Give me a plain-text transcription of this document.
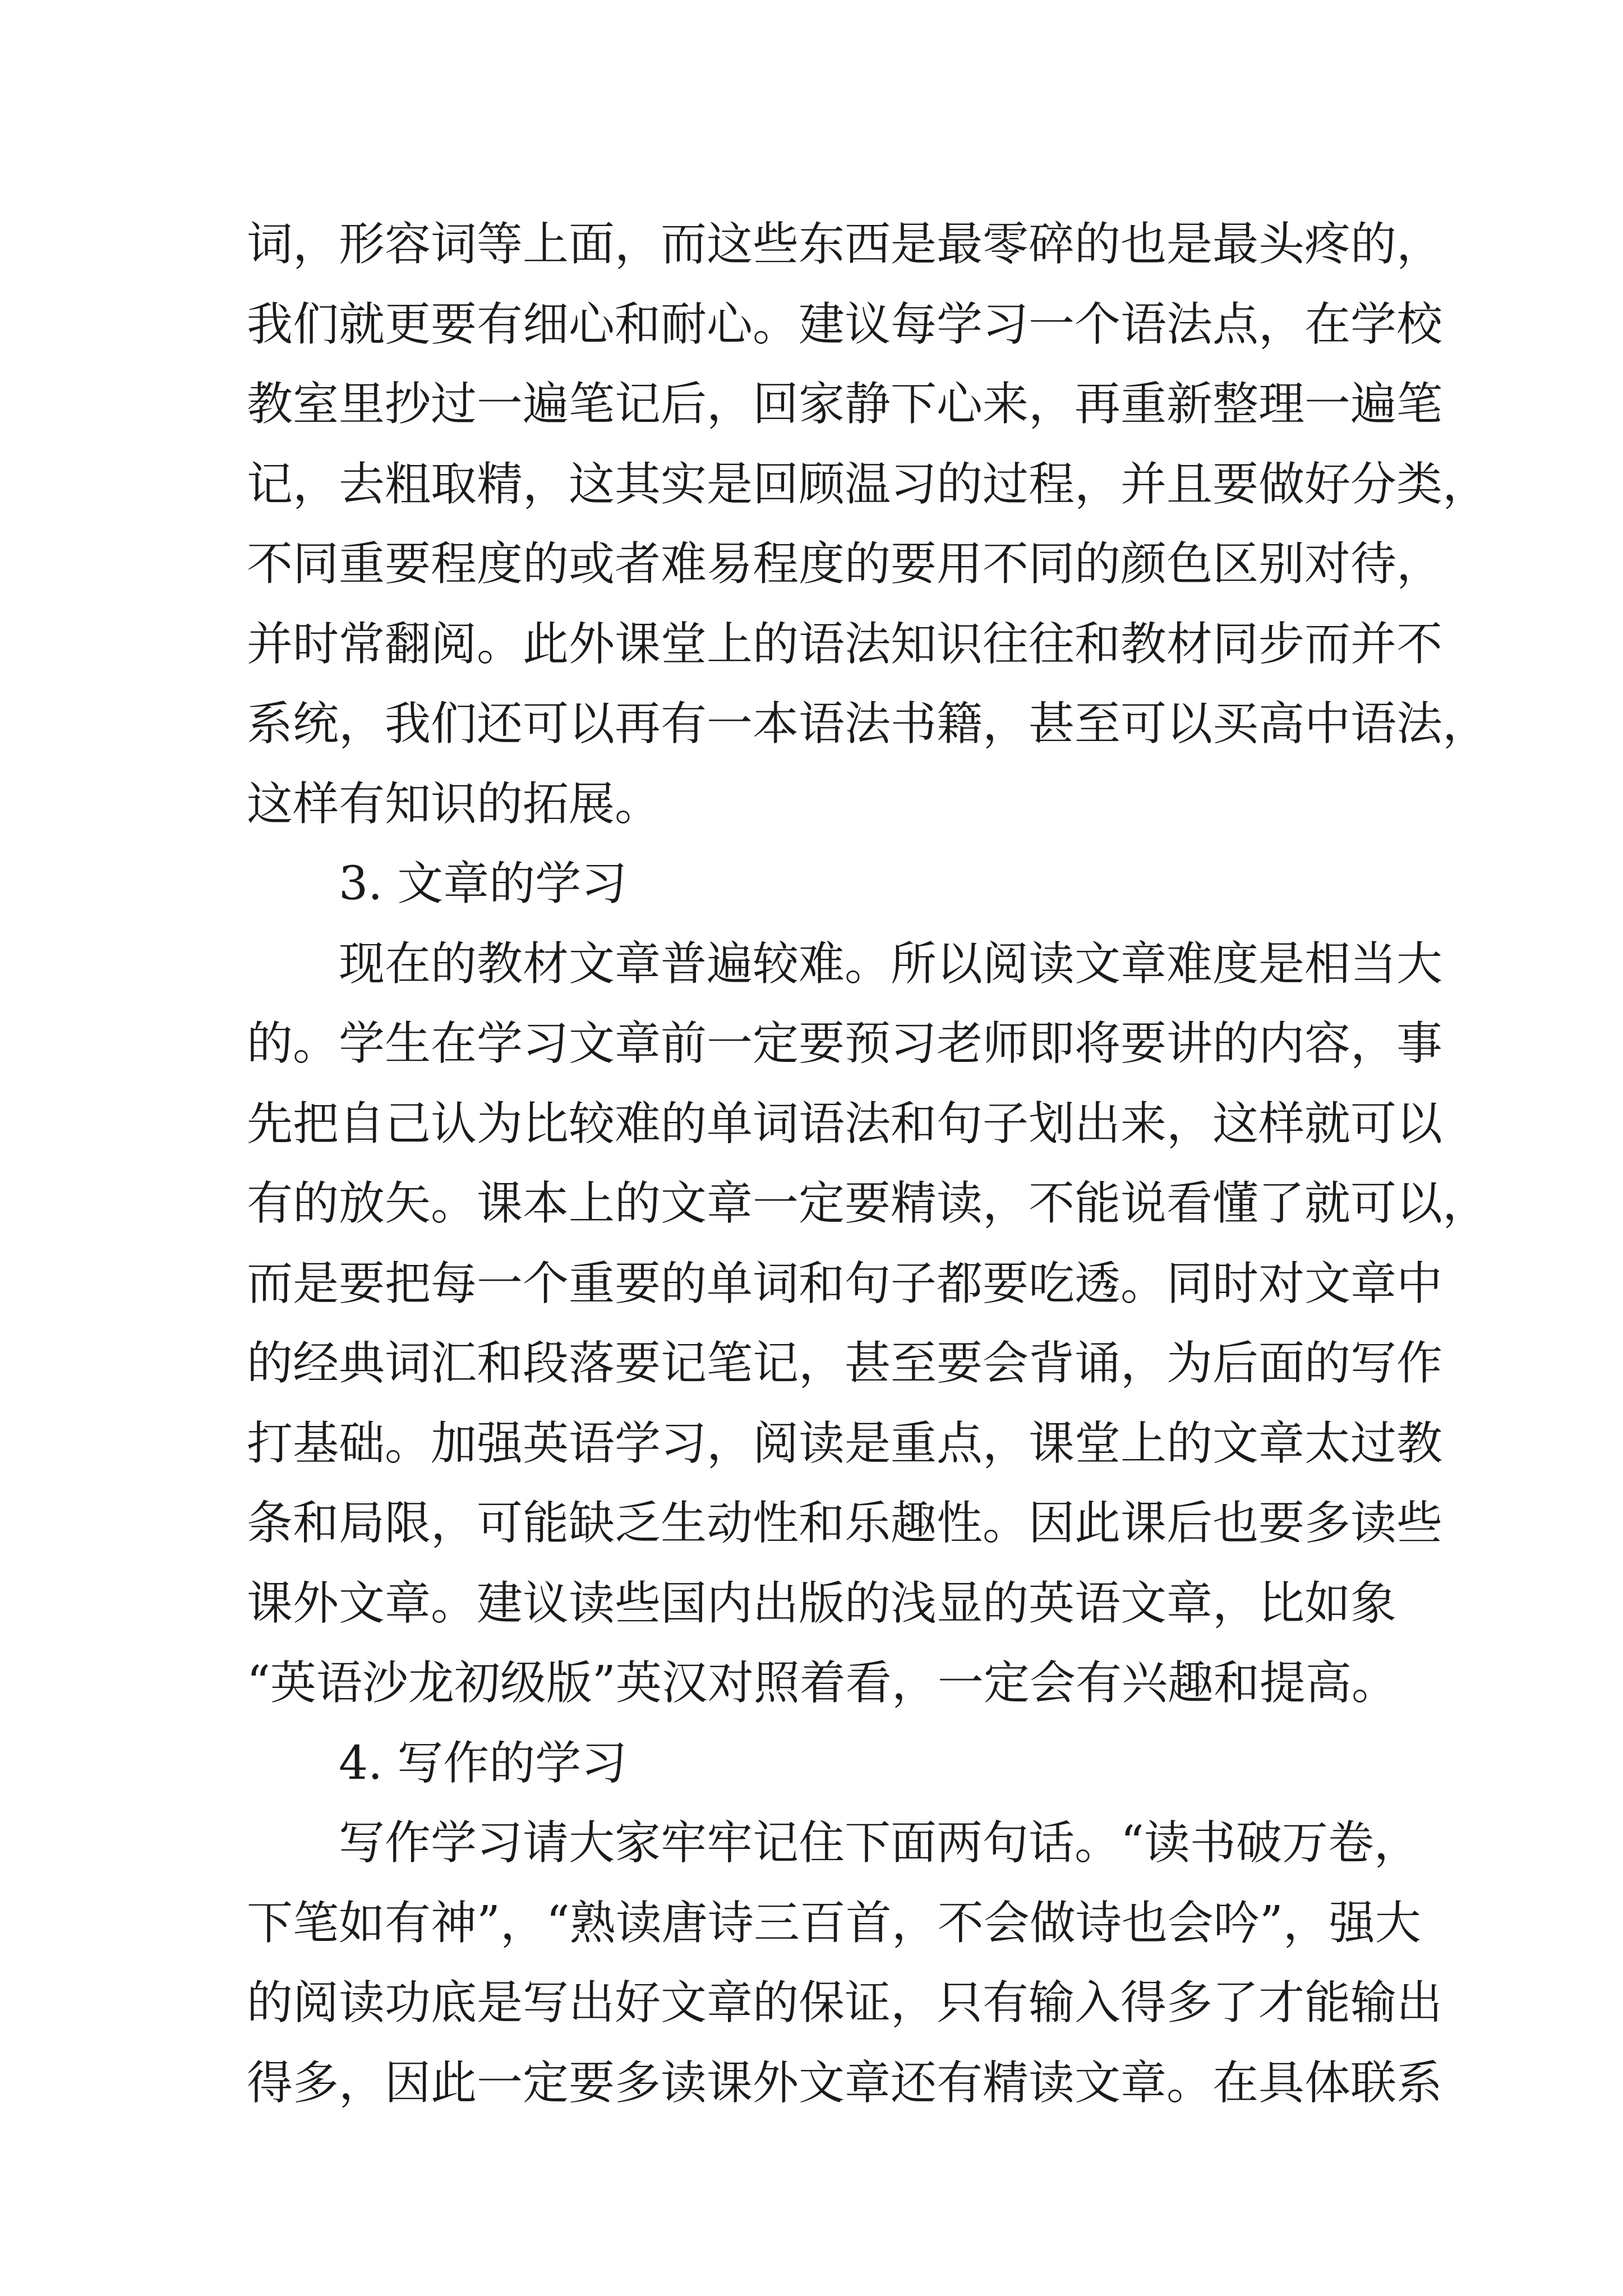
词，形容词等上面，而这些东西是最零碎的也是最头疼的，
我们就更要有细心和耐心。建议每学习一个语法点，在学校
教室里抄过一遍笔记后，回家静下心来，再重新整理一遍笔
记，去粗取精，这其实是回顾温习的过程，并且要做好分类，
不同重要程度的或者难易程度的要用不同的颜色区别对待，
并时常翻阅。此外课堂上的语法知识往往和教材同步而并不
系统，我们还可以再有一本语法书籍，甚至可以买高中语法，
这样有知识的拓展。
3. 文章的学习
现在的教材文章普遍较难。所以阅读文章难度是相当大
的。学生在学习文章前一定要预习老师即将要讲的内容，事
先把自己认为比较难的单词语法和句子划出来，这样就可以
有的放矢。课本上的文章一定要精读，不能说看懂了就可以，
而是要把每一个重要的单词和句子都要吃透。同时对文章中
的经典词汇和段落要记笔记，甚至要会背诵，为后面的写作
打基础。加强英语学习，阅读是重点，课堂上的文章太过教
条和局限，可能缺乏生动性和乐趣性。因此课后也要多读些
课外文章。建议读些国内出版的浅显的英语文章，比如象
“英语沙龙初级版”英汉对照着看，一定会有兴趣和提高。
4. 写作的学习
写作学习请大家牢牢记住下面两句话。“读书破万卷，
下笔如有神”，“熟读唐诗三百首，不会做诗也会吟”，强大
的阅读功底是写出好文章的保证，只有输入得多了才能输出
得多，因此一定要多读课外文章还有精读文章。在具体联系
